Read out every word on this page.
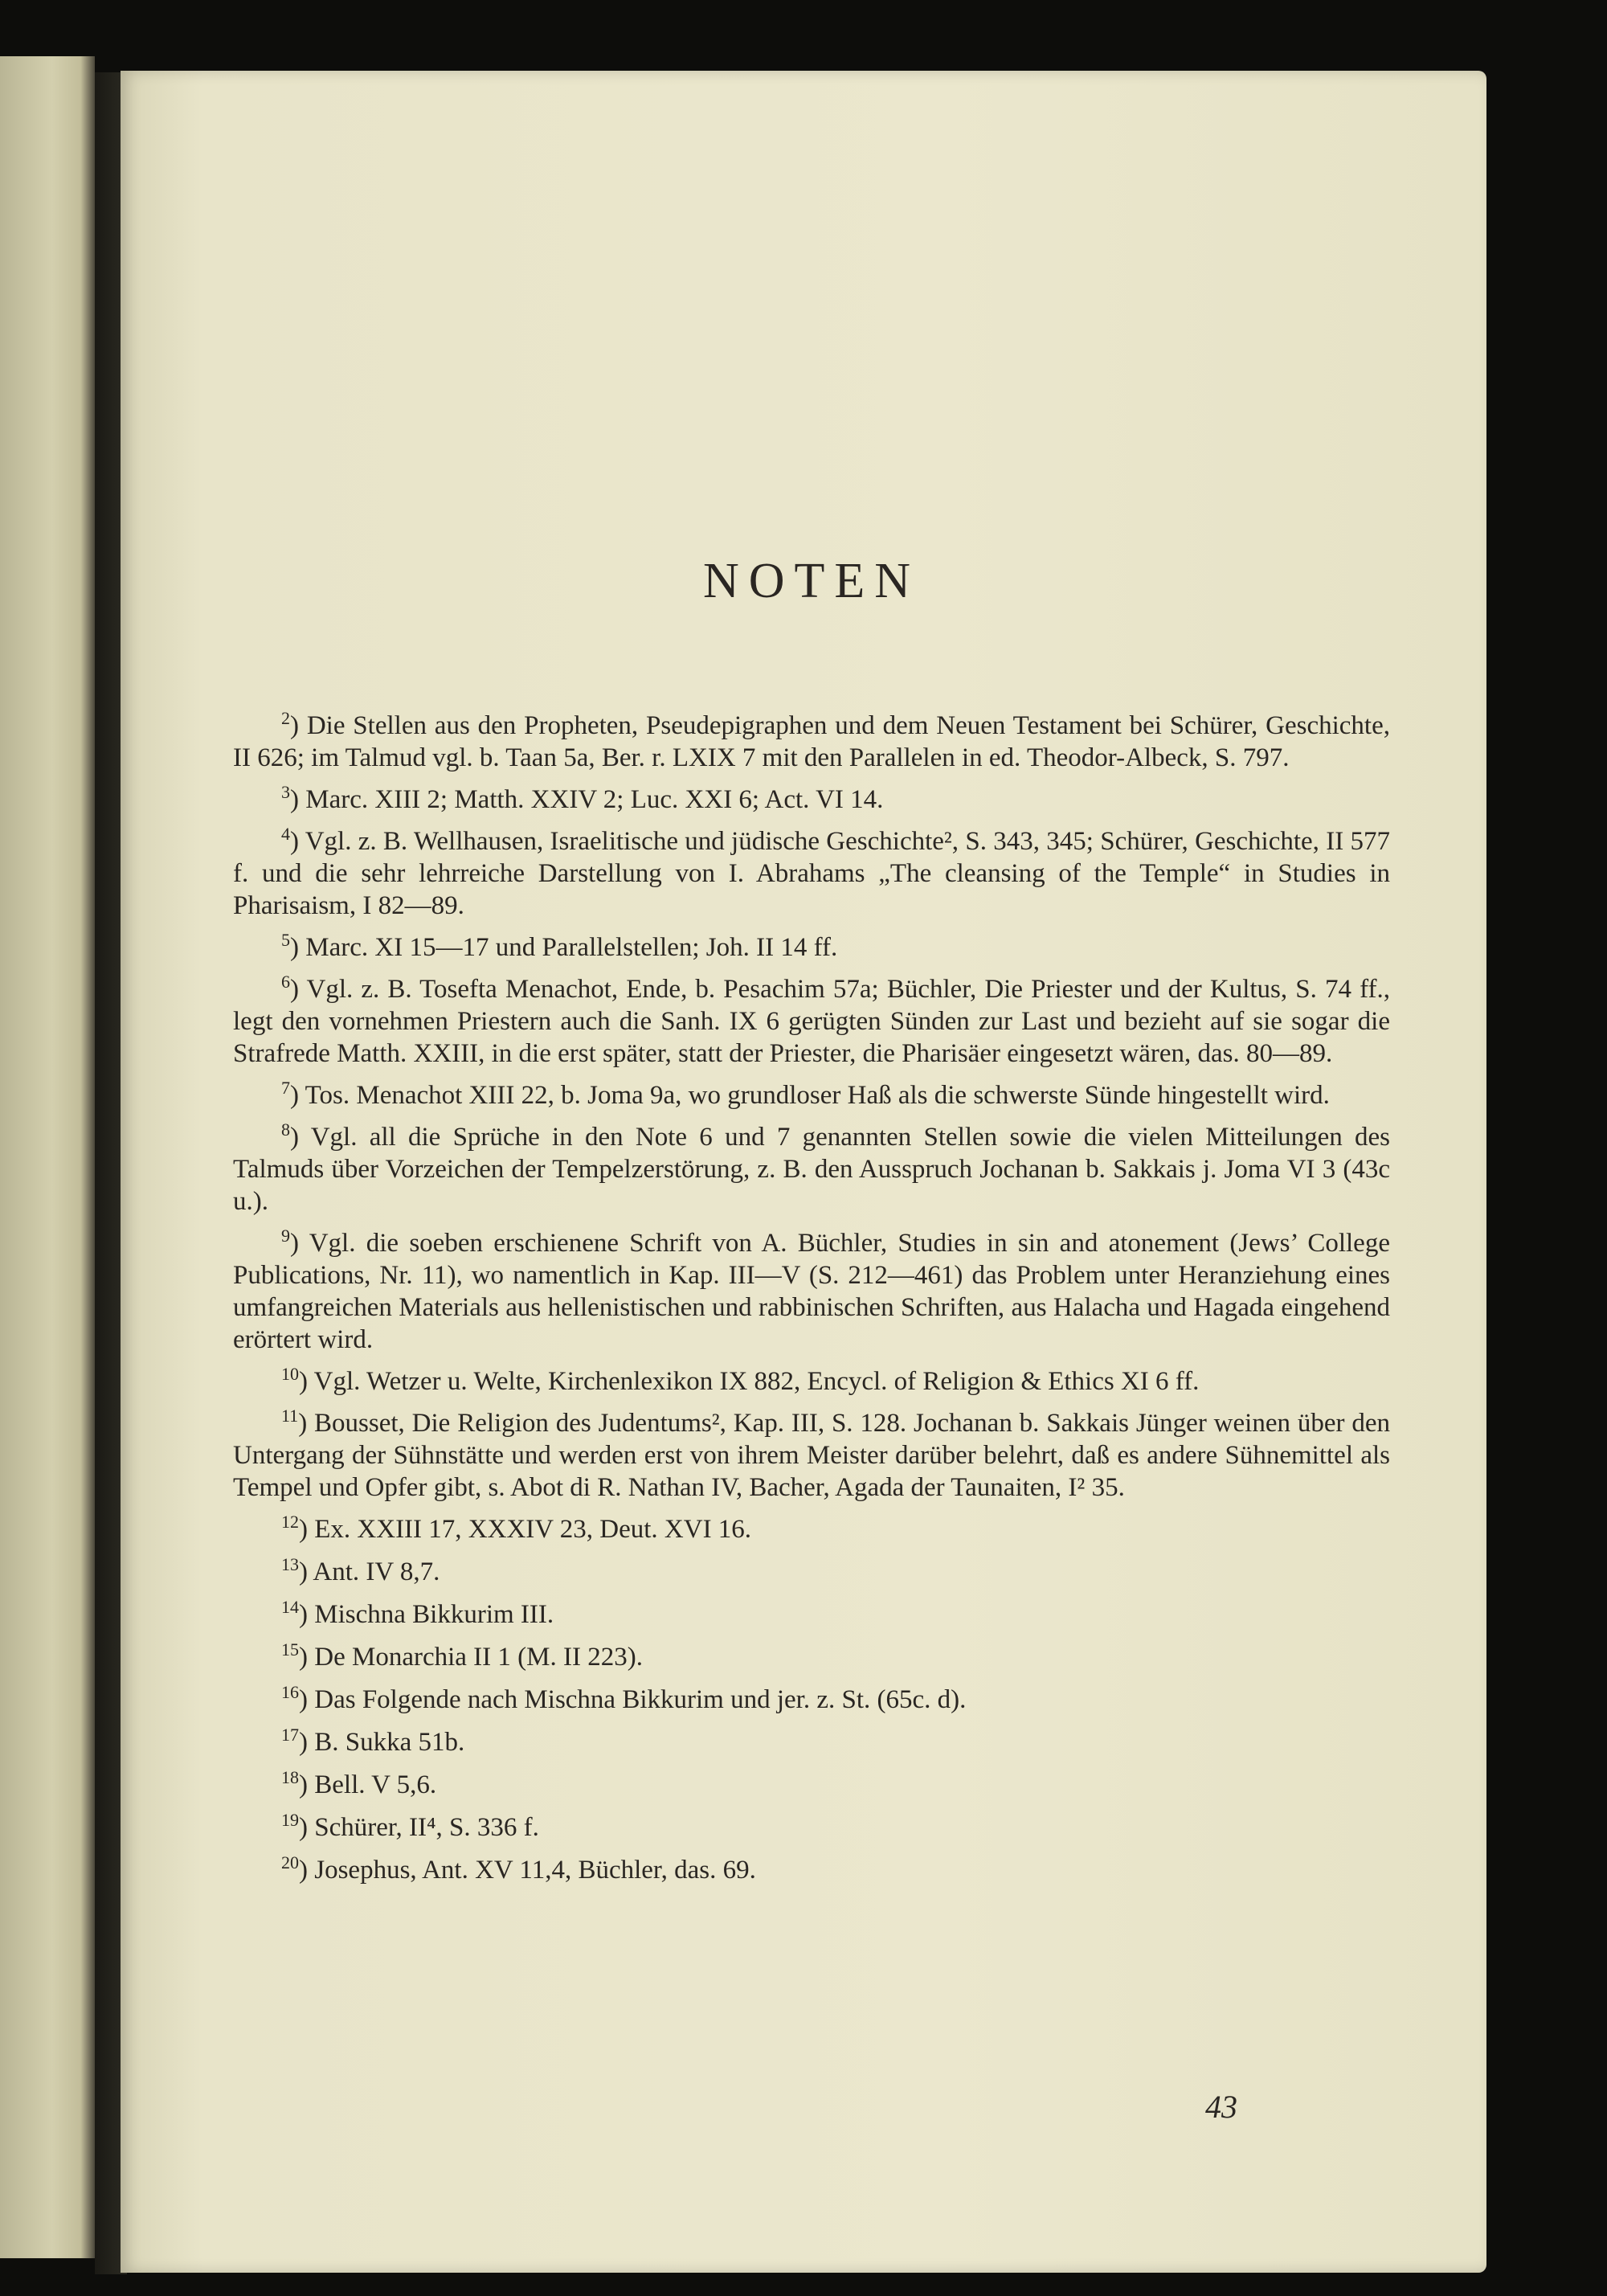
NOTEN

$^2$) Die Stellen aus den Propheten, Pseudepigraphen und dem Neuen Testament bei Schürer, Geschichte, II 626; im Talmud vgl. b. Taan 5a, Ber. r. LXIX 7 mit den Parallelen in ed. Theodor-Albeck, S. 797.

$^3$) Marc. XIII 2; Matth. XXIV 2; Luc. XXI 6; Act. VI 14.

$^4$) Vgl. z. B. Wellhausen, Israelitische und jüdische Geschichte², S. 343, 345; Schürer, Geschichte, II 577 f. und die sehr lehrreiche Darstellung von I. Abrahams „The cleansing of the Temple“ in Studies in Pharisaism, I 82—89.

$^5$) Marc. XI 15—17 und Parallelstellen; Joh. II 14 ff.

$^6$) Vgl. z. B. Tosefta Menachot, Ende, b. Pesachim 57a; Büchler, Die Priester und der Kultus, S. 74 ff., legt den vornehmen Priestern auch die Sanh. IX 6 gerügten Sünden zur Last und bezieht auf sie sogar die Strafrede Matth. XXIII, in die erst später, statt der Priester, die Pharisäer eingesetzt wären, das. 80—89.

$^7$) Tos. Menachot XIII 22, b. Joma 9a, wo grundloser Haß als die schwerste Sünde hingestellt wird.

$^8$) Vgl. all die Sprüche in den Note 6 und 7 genannten Stellen sowie die vielen Mitteilungen des Talmuds über Vorzeichen der Tempelzerstörung, z. B. den Ausspruch Jochanan b. Sakkais j. Joma VI 3 (43c u.).

$^9$) Vgl. die soeben erschienene Schrift von A. Büchler, Studies in sin and atonement (Jews’ College Publications, Nr. 11), wo namentlich in Kap. III—V (S. 212—461) das Problem unter Heranziehung eines umfangreichen Materials aus hellenistischen und rabbinischen Schriften, aus Halacha und Hagada eingehend erörtert wird.

$^{10}$) Vgl. Wetzer u. Welte, Kirchenlexikon IX 882, Encycl. of Religion & Ethics XI 6 ff.

$^{11}$) Bousset, Die Religion des Judentums², Kap. III, S. 128. Jochanan b. Sakkais Jünger weinen über den Untergang der Sühnstätte und werden erst von ihrem Meister darüber belehrt, daß es andere Sühnemittel als Tempel und Opfer gibt, s. Abot di R. Nathan IV, Bacher, Agada der Taunaiten, I² 35.

$^{12}$) Ex. XXIII 17, XXXIV 23, Deut. XVI 16.

$^{13}$) Ant. IV 8,7.

$^{14}$) Mischna Bikkurim III.

$^{15}$) De Monarchia II 1 (M. II 223).

$^{16}$) Das Folgende nach Mischna Bikkurim und jer. z. St. (65c. d).

$^{17}$) B. Sukka 51b.

$^{18}$) Bell. V 5,6.

$^{19}$) Schürer, II⁴, S. 336 f.

$^{20}$) Josephus, Ant. XV 11,4, Büchler, das. 69.

43
